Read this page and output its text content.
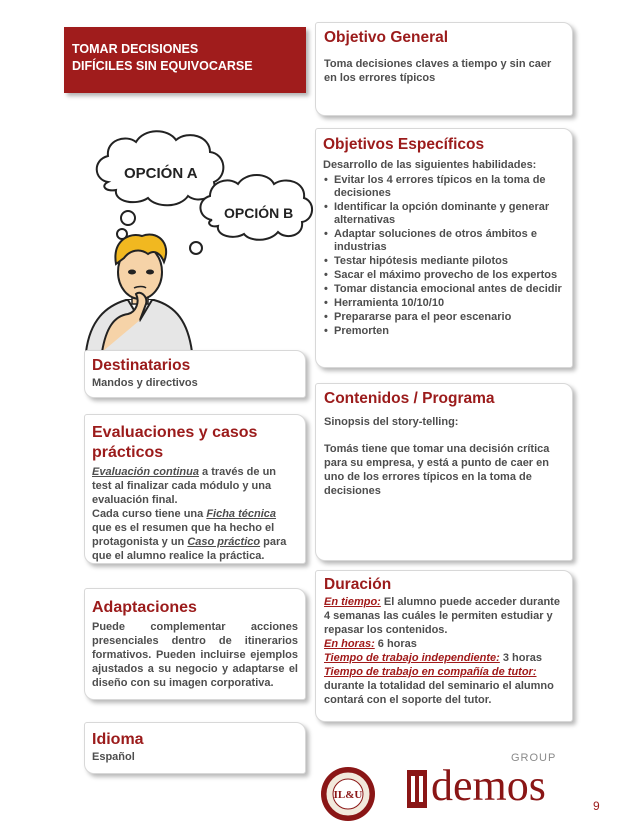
TOMAR DECISIONES
DIFÍCILES SIN EQUIVOCARSE
OPCIÓN A
OPCIÓN B
Objetivo General
Toma decisiones claves a tiempo y sin caer en los errores típicos
Objetivos Específicos
Desarrollo de las siguientes habilidades:
• Evitar los 4 errores típicos en la toma de decisiones
• Identificar la opción dominante y generar alternativas
• Adaptar soluciones de otros ámbitos e industrias
• Testar hipótesis mediante pilotos
• Sacar el máximo provecho de los expertos
• Tomar distancia emocional antes de decidir
• Herramienta 10/10/10
• Prepararse para el peor escenario
• Premorten
Destinatarios
Mandos y directivos
Contenidos / Programa
Sinopsis del story-telling:
Tomás tiene que tomar una decisión crítica para su empresa, y está a punto de caer en uno de los errores típicos en la toma de decisiones
Evaluaciones y casos
prácticos
Evaluación continua a través de un test al finalizar cada módulo y una evaluación final.
Cada curso tiene una Ficha técnica que es el resumen que ha hecho el protagonista y un Caso práctico para que el alumno realice la práctica.
Duración
En tiempo: El alumno puede acceder durante 4 semanas las cuáles le permiten estudiar y repasar los contenidos.
En horas: 6 horas
Tiempo de trabajo independiente: 3 horas
Tiempo de trabajo en compañía de tutor:
durante la totalidad del seminario el alumno contará con el soporte del tutor.
Adaptaciones
Puede complementar acciones presenciales dentro de itinerarios formativos. Pueden incluirse ejemplos ajustados a su negocio y adaptarse el diseño con su imagen corporativa.
Idioma
Español
IL&U demos
GROUP
9
